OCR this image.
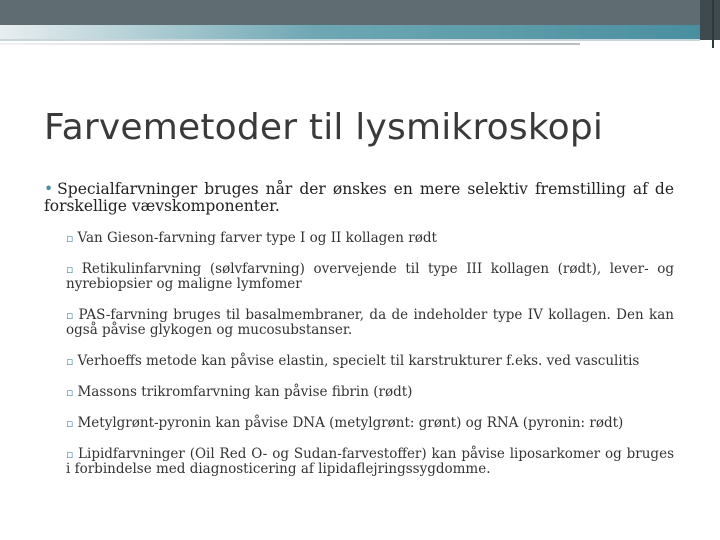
Farvemetoder til lysmikroskopi
• Specialfarvninger bruges når der ønskes en mere selektiv fremstilling af de forskellige vævskomponenter.
▫ Van Gieson-farvning farver type I og II kollagen rødt
▫ Retikulinfarvning (sølvfarvning) overvejende til type III kollagen (rødt), lever- og nyrebiopsier og maligne lymfomer
▫ PAS-farvning bruges til basalmembraner, da de indeholder type IV kollagen. Den kan også påvise glykogen og mucosubstanser.
▫ Verhoeffs metode kan påvise elastin, specielt til karstrukturer f.eks. ved vasculitis
▫ Massons trikromfarvning kan påvise fibrin (rødt)
▫ Metylgrønt-pyronin kan påvise DNA (metylgrønt: grønt) og RNA (pyronin: rødt)
▫ Lipidfarvninger (Oil Red O- og Sudan-farvestoffer) kan påvise liposarkomer og bruges i forbindelse med diagnosticering af lipidaflejringssygdomme.
